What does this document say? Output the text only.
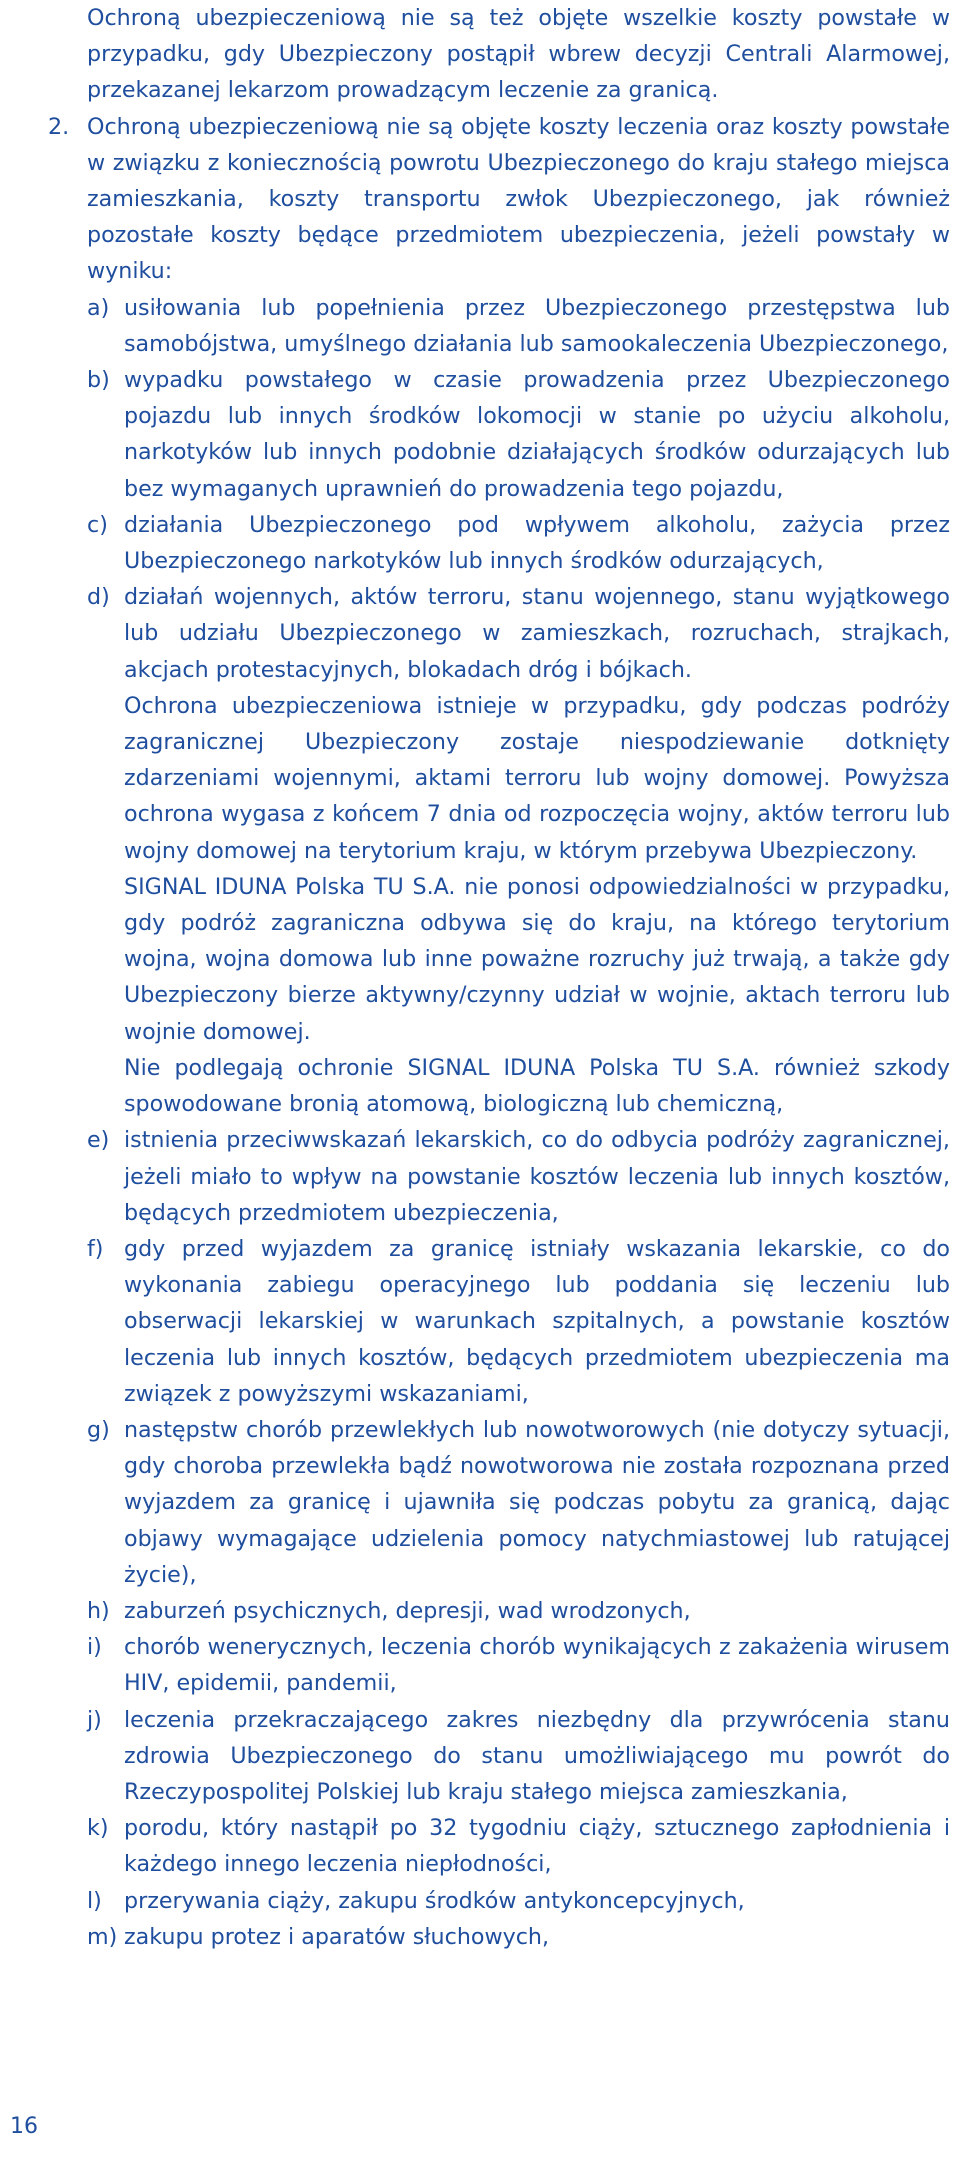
Ochroną ubezpieczeniową nie są też objęte wszelkie koszty powstałe w przypadku, gdy Ubezpieczony postąpił wbrew decyzji Centrali Alarmowej, przekazanej lekarzom prowadzącym leczenie za granicą.

2. Ochroną ubezpieczeniową nie są objęte koszty leczenia oraz koszty powstałe w związku z koniecznością powrotu Ubezpieczonego do kraju stałego miejsca zamieszkania, koszty transportu zwłok Ubezpieczonego, jak również pozostałe koszty będące przedmiotem ubezpieczenia, jeżeli powstały w wyniku:
a) usiłowania lub popełnienia przez Ubezpieczonego przestępstwa lub samobójstwa, umyślnego działania lub samookaleczenia Ubezpieczonego,
b) wypadku powstałego w czasie prowadzenia przez Ubezpieczonego pojazdu lub innych środków lokomocji w stanie po użyciu alkoholu, narkotyków lub innych podobnie działających środków odurzających lub bez wymaganych uprawnień do prowadzenia tego pojazdu,
c) działania Ubezpieczonego pod wpływem alkoholu, zażycia przez Ubezpieczonego narkotyków lub innych środków odurzających,
d) działań wojennych, aktów terroru, stanu wojennego, stanu wyjątkowego lub udziału Ubezpieczonego w zamieszkach, rozruchach, strajkach, akcjach protestacyjnych, blokadach dróg i bójkach.

Ochrona ubezpieczeniowa istnieje w przypadku, gdy podczas podróży zagranicznej Ubezpieczony zostaje niespodziewanie dotknięty zdarzeniami wojennymi, aktami terroru lub wojny domowej. Powyższa ochrona wygasa z końcem 7 dnia od rozpoczęcia wojny, aktów terroru lub wojny domowej na terytorium kraju, w którym przebywa Ubezpieczony.

SIGNAL IDUNA Polska TU S.A. nie ponosi odpowiedzialności w przypadku, gdy podróż zagraniczna odbywa się do kraju, na którego terytorium wojna, wojna domowa lub inne poważne rozruchy już trwają, a także gdy Ubezpieczony bierze aktywny/czynny udział w wojnie, aktach terroru lub wojnie domowej.

Nie podlegają ochronie SIGNAL IDUNA Polska TU S.A. również szkody spowodowane bronią atomową, biologiczną lub chemiczną,

e) istnienia przeciwwskazań lekarskich, co do odbycia podróży zagranicznej, jeżeli miało to wpływ na powstanie kosztów leczenia lub innych kosztów, będących przedmiotem ubezpieczenia,
f) gdy przed wyjazdem za granicę istniały wskazania lekarskie, co do wykonania zabiegu operacyjnego lub poddania się leczeniu lub obserwacji lekarskiej w warunkach szpitalnych, a powstanie kosztów leczenia lub innych kosztów, będących przedmiotem ubezpieczenia ma związek z powyższymi wskazaniami,
g) następstw chorób przewlekłych lub nowotworowych (nie dotyczy sytuacji, gdy choroba przewlekła bądź nowotworowa nie została rozpoznana przed wyjazdem za granicę i ujawniła się podczas pobytu za granicą, dając objawy wymagające udzielenia pomocy natychmiastowej lub ratującej życie),
h) zaburzeń psychicznych, depresji, wad wrodzonych,
i) chorób wenerycznych, leczenia chorób wynikających z zakażenia wirusem HIV, epidemii, pandemii,
j) leczenia przekraczającego zakres niezbędny dla przywrócenia stanu zdrowia Ubezpieczonego do stanu umożliwiającego mu powrót do Rzeczypospolitej Polskiej lub kraju stałego miejsca zamieszkania,
k) porodu, który nastąpił po 32 tygodniu ciąży, sztucznego zapłodnienia i każdego innego leczenia niepłodności,
l) przerywania ciąży, zakupu środków antykoncepcyjnych,
m) zakupu protez i aparatów słuchowych,
16
